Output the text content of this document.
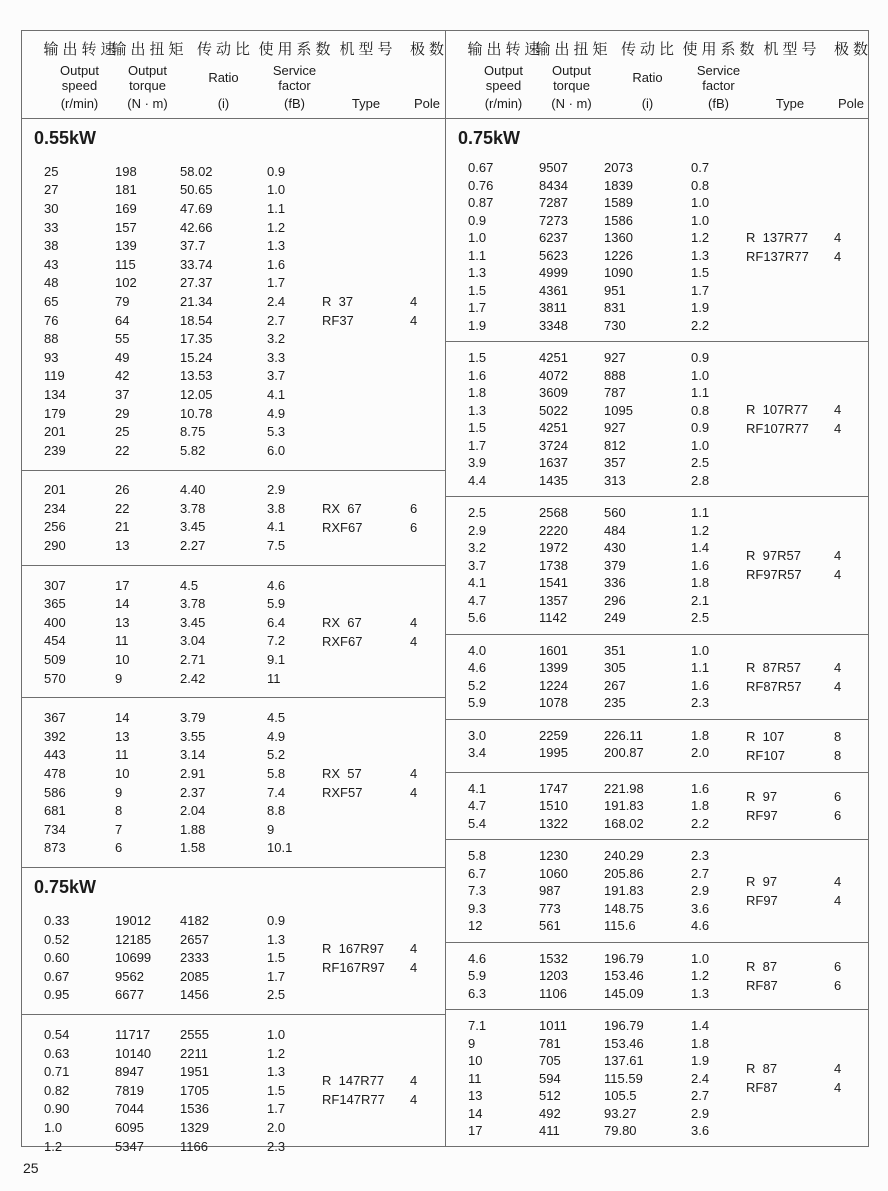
输出转速
Output
speed
(r/min)
输出扭矩
Output
torque
(N · m)
传动比
Ratio
(i)
使用系数
Service
factor
(fB)
机型号
Type
极数
Pole
0.55kW
25	198	58.02	0.9
27	181	50.65	1.0
30	169	47.69	1.1
33	157	42.66	1.2
38	139	37.7	1.3
43	115	33.74	1.6
48	102	27.37	1.7
65	79	21.34	2.4
76	64	18.54	2.7
88	55	17.35	3.2
93	49	15.24	3.3
119	42	13.53	3.7
134	37	12.05	4.1
179	29	10.78	4.9
201	25	8.75	5.3
239	22	5.82	6.0
R  37	4
RF37	4
201	26	4.40	2.9
234	22	3.78	3.8
256	21	3.45	4.1
290	13	2.27	7.5
RX  67	6
RXF67	6
307	17	4.5	4.6
365	14	3.78	5.9
400	13	3.45	6.4
454	11	3.04	7.2
509	10	2.71	9.1
570	9	2.42	11
RX  67	4
RXF67	4
367	14	3.79	4.5
392	13	3.55	4.9
443	11	3.14	5.2
478	10	2.91	5.8
586	9	2.37	7.4
681	8	2.04	8.8
734	7	1.88	9
873	6	1.58	10.1
RX  57	4
RXF57	4
0.75kW
0.33	19012	4182	0.9
0.52	12185	2657	1.3
0.60	10699	2333	1.5
0.67	9562	2085	1.7
0.95	6677	1456	2.5
R  167R97	4
RF167R97	4
0.54	11717	2555	1.0
0.63	10140	2211	1.2
0.71	8947	1951	1.3
0.82	7819	1705	1.5
0.90	7044	1536	1.7
1.0	6095	1329	2.0
1.2	5347	1166	2.3
R  147R77	4
RF147R77	4
输出转速
Output
speed
(r/min)
输出扭矩
Output
torque
(N · m)
传动比
Ratio
(i)
使用系数
Service
factor
(fB)
机型号
Type
极数
Pole
0.75kW
0.67	9507	2073	0.7
0.76	8434	1839	0.8
0.87	7287	1589	1.0
0.9	7273	1586	1.0
1.0	6237	1360	1.2
1.1	5623	1226	1.3
1.3	4999	1090	1.5
1.5	4361	951	1.7
1.7	3811	831	1.9
1.9	3348	730	2.2
R  137R77	4
RF137R77	4
1.5	4251	927	0.9
1.6	4072	888	1.0
1.8	3609	787	1.1
1.3	5022	1095	0.8
1.5	4251	927	0.9
1.7	3724	812	1.0
3.9	1637	357	2.5
4.4	1435	313	2.8
R  107R77	4
RF107R77	4
2.5	2568	560	1.1
2.9	2220	484	1.2
3.2	1972	430	1.4
3.7	1738	379	1.6
4.1	1541	336	1.8
4.7	1357	296	2.1
5.6	1142	249	2.5
R  97R57	4
RF97R57	4
4.0	1601	351	1.0
4.6	1399	305	1.1
5.2	1224	267	1.6
5.9	1078	235	2.3
R  87R57	4
RF87R57	4
3.0	2259	226.11	1.8
3.4	1995	200.87	2.0
R  107	8
RF107	8
4.1	1747	221.98	1.6
4.7	1510	191.83	1.8
5.4	1322	168.02	2.2
R  97	6
RF97	6
5.8	1230	240.29	2.3
6.7	1060	205.86	2.7
7.3	987	191.83	2.9
9.3	773	148.75	3.6
12	561	115.6	4.6
R  97	4
RF97	4
4.6	1532	196.79	1.0
5.9	1203	153.46	1.2
6.3	1106	145.09	1.3
R  87	6
RF87	6
7.1	1011	196.79	1.4
9	781	153.46	1.8
10	705	137.61	1.9
11	594	115.59	2.4
13	512	105.5	2.7
14	492	93.27	2.9
17	411	79.80	3.6
R  87	4
RF87	4
25
